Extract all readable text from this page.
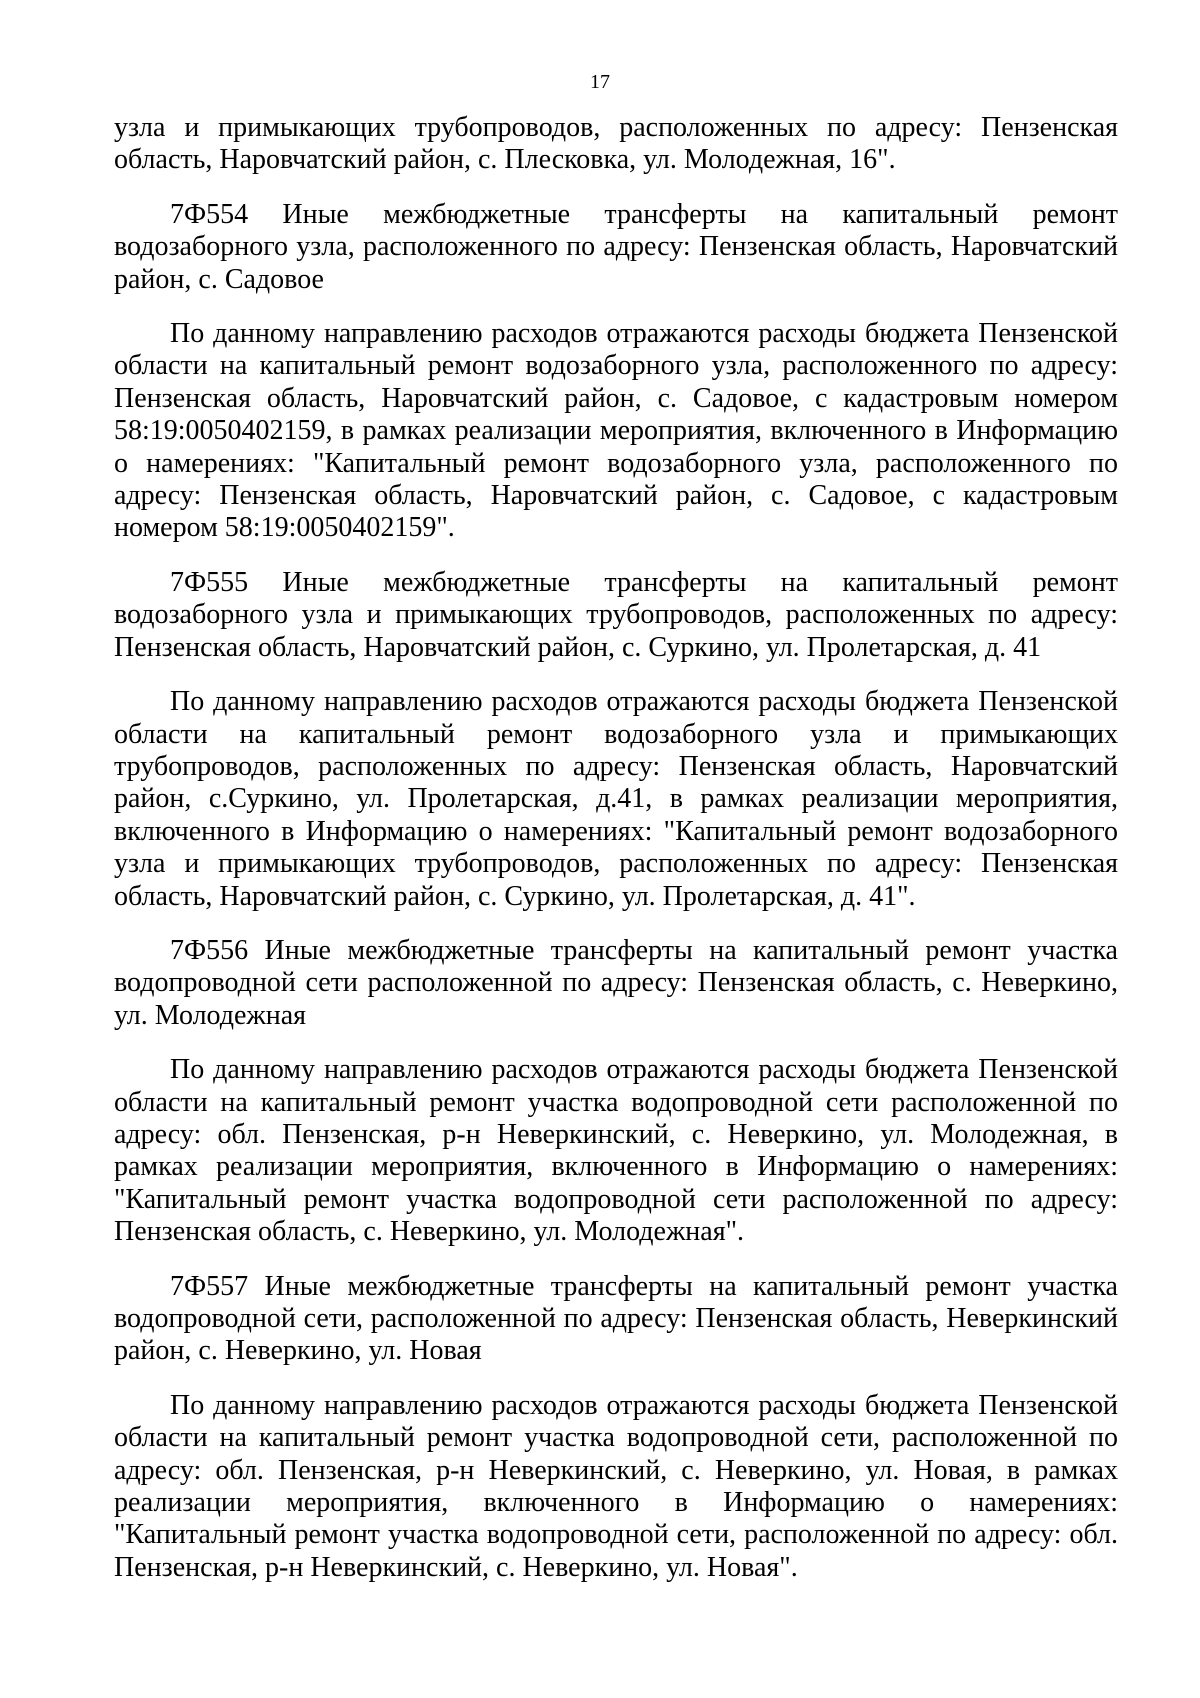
17

узла и примыкающих трубопроводов, расположенных по адресу: Пензенская область, Наровчатский район, с. Плесковка, ул. Молодежная, 16".

7Ф554 Иные межбюджетные трансферты на капитальный ремонт водозаборного узла, расположенного по адресу: Пензенская область, Наровчатский район, с. Садовое

По данному направлению расходов отражаются расходы бюджета Пензенской области на капитальный ремонт водозаборного узла, расположенного по адресу: Пензенская область, Наровчатский район, с. Садовое, с кадастровым номером 58:19:0050402159, в рамках реализации мероприятия, включенного в Информацию о намерениях: "Капитальный ремонт водозаборного узла, расположенного по адресу: Пензенская область, Наровчатский район, с. Садовое, с кадастровым номером 58:19:0050402159".

7Ф555 Иные межбюджетные трансферты на капитальный ремонт водозаборного узла и примыкающих трубопроводов, расположенных по адресу: Пензенская область, Наровчатский район, с. Суркино, ул. Пролетарская, д. 41

По данному направлению расходов отражаются расходы бюджета Пензенской области на капитальный ремонт водозаборного узла и примыкающих трубопроводов, расположенных по адресу: Пензенская область, Наровчатский район, с.Суркино, ул. Пролетарская, д.41, в рамках реализации мероприятия, включенного в Информацию о намерениях: "Капитальный ремонт водозаборного узла и примыкающих трубопроводов, расположенных по адресу: Пензенская область, Наровчатский район, с. Суркино, ул. Пролетарская, д. 41".

7Ф556 Иные межбюджетные трансферты на капитальный ремонт участка водопроводной сети расположенной по адресу: Пензенская область, с. Неверкино, ул. Молодежная

По данному направлению расходов отражаются расходы бюджета Пензенской области на капитальный ремонт участка водопроводной сети расположенной по адресу: обл. Пензенская, р-н Неверкинский, с. Неверкино, ул. Молодежная, в рамках реализации мероприятия, включенного в Информацию о намерениях: "Капитальный ремонт участка водопроводной сети расположенной по адресу: Пензенская область, с. Неверкино, ул. Молодежная".

7Ф557 Иные межбюджетные трансферты на капитальный ремонт участка водопроводной сети, расположенной по адресу: Пензенская область, Неверкинский район, с. Неверкино, ул. Новая

По данному направлению расходов отражаются расходы бюджета Пензенской области на капитальный ремонт участка водопроводной сети, расположенной по адресу: обл. Пензенская, р-н Неверкинский, с. Неверкино, ул. Новая, в рамках реализации мероприятия, включенного в Информацию о намерениях: "Капитальный ремонт участка водопроводной сети, расположенной по адресу: обл. Пензенская, р-н Неверкинский, с. Неверкино, ул. Новая".
